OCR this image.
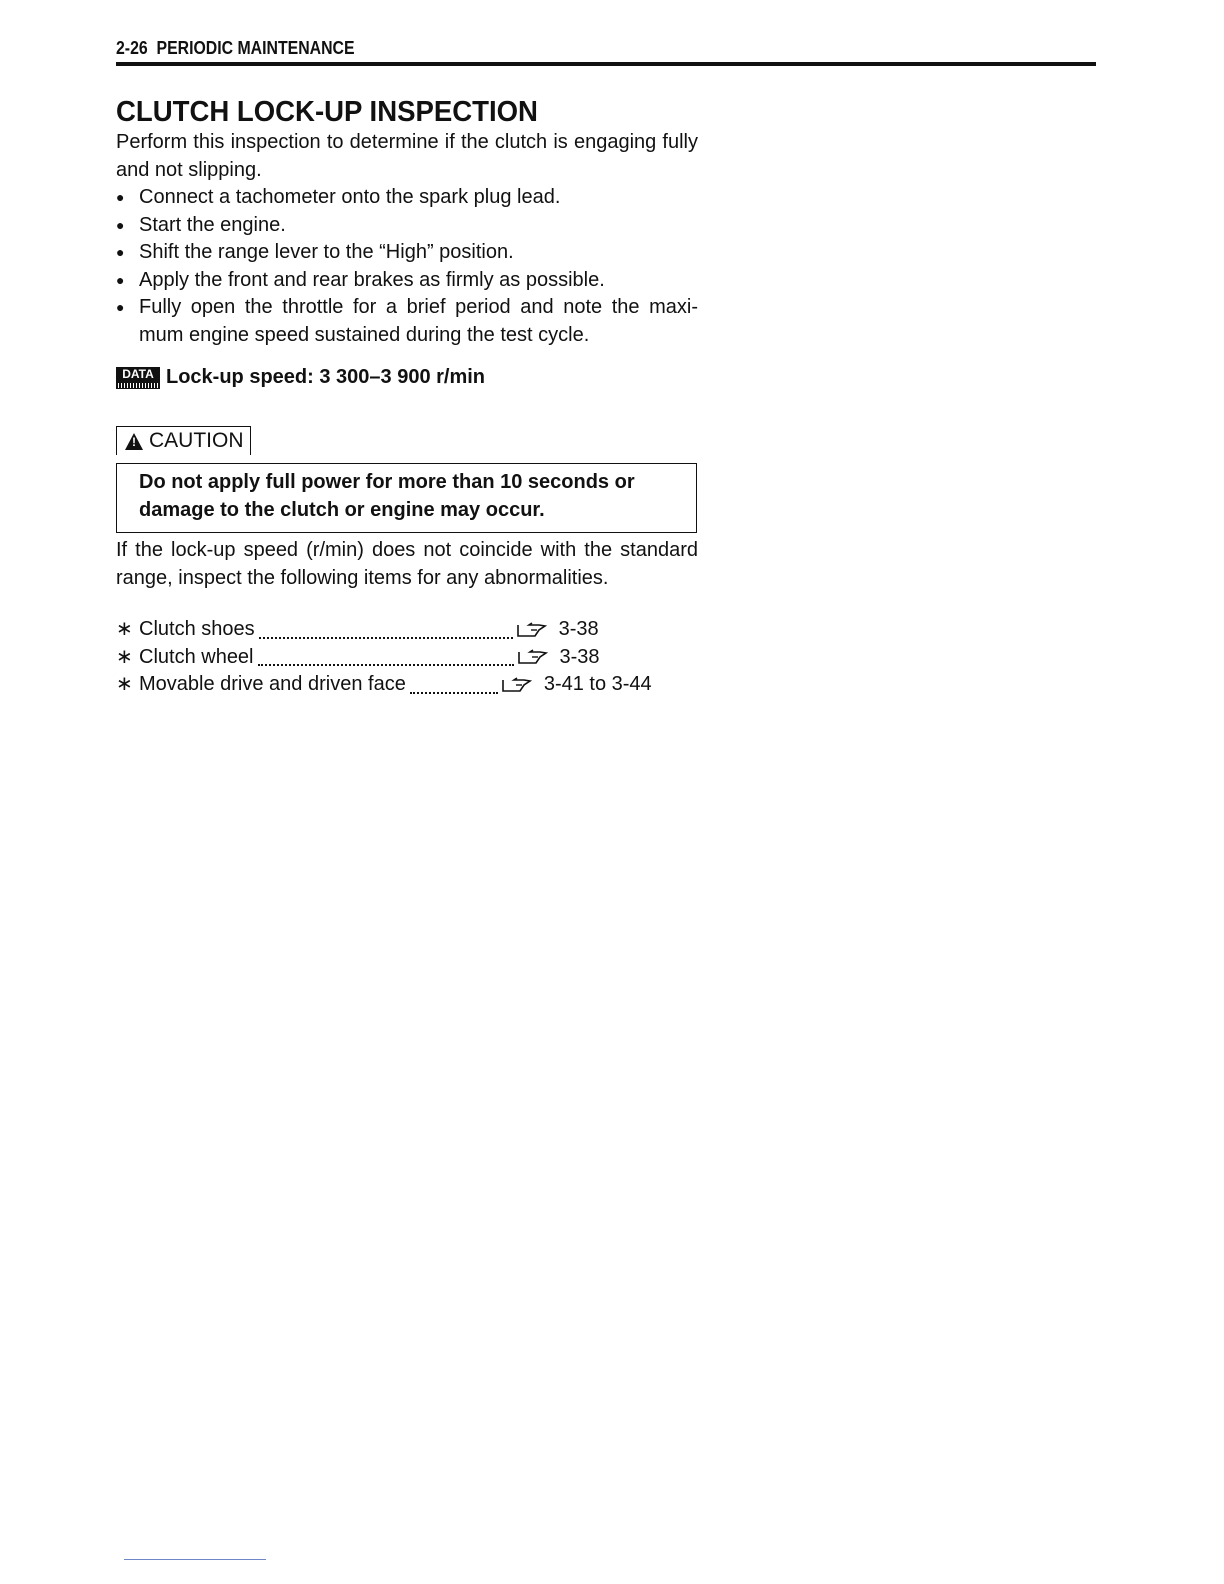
2-26 PERIODIC MAINTENANCE
CLUTCH LOCK-UP INSPECTION
Perform this inspection to determine if the clutch is engaging fully and not slipping.
● Connect a tachometer onto the spark plug lead.
● Start the engine.
● Shift the range lever to the “High” position.
● Apply the front and rear brakes as firmly as possible.
● Fully open the throttle for a brief period and note the maxi-mum engine speed sustained during the test cycle.
DATA Lock-up speed: 3 300–3 900 r/min
!
CAUTION
Do not apply full power for more than 10 seconds or damage to the clutch or engine may occur.
If the lock-up speed (r/min) does not coincide with the standard range, inspect the following items for any abnormalities.
∗ Clutch shoes	3-38
∗ Clutch wheel	3-38
∗ Movable drive and driven face	3-41 to 3-44
